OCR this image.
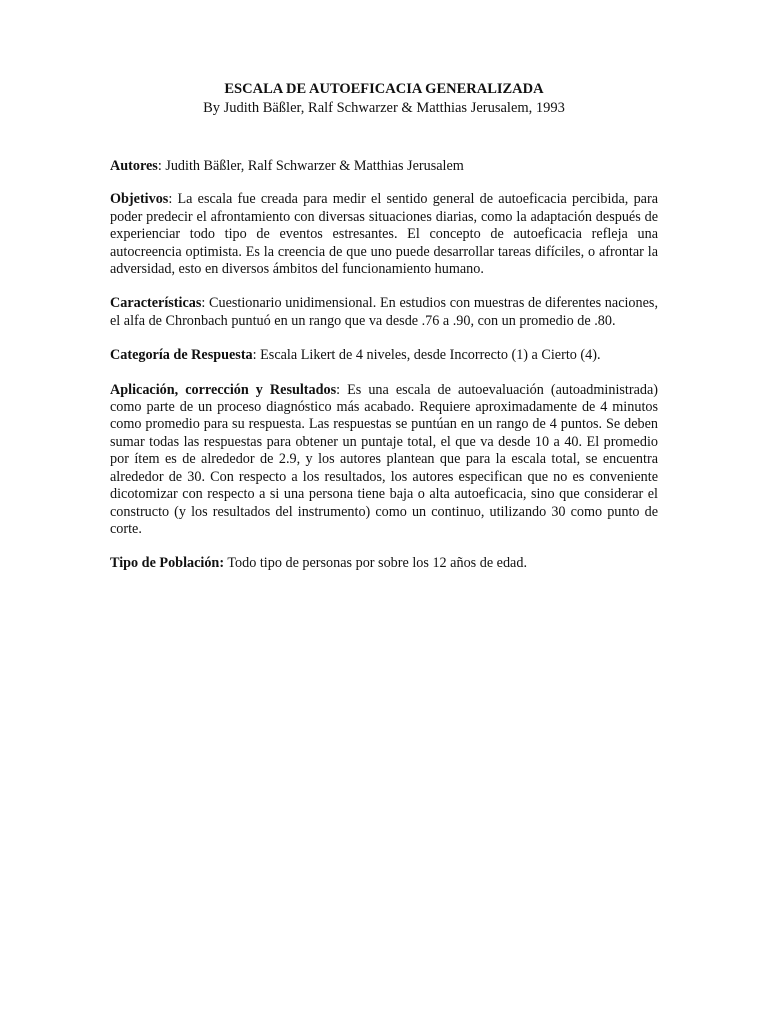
ESCALA DE AUTOEFICACIA GENERALIZADA

By Judith Bäßler, Ralf Schwarzer & Matthias Jerusalem, 1993

Autores: Judith Bäßler, Ralf Schwarzer & Matthias Jerusalem

Objetivos: La escala fue creada para medir el sentido general de autoeficacia percibida, para poder predecir el afrontamiento con diversas situaciones diarias, como la adaptación después de experienciar todo tipo de eventos estresantes. El concepto de autoeficacia refleja una autocreencia optimista. Es la creencia de que uno puede desarrollar tareas difíciles, o afrontar la adversidad, esto en diversos ámbitos del funcionamiento humano.

Características: Cuestionario unidimensional. En estudios con muestras de diferentes naciones, el alfa de Chronbach puntuó en un rango que va desde .76 a .90, con un promedio de .80.

Categoría de Respuesta: Escala Likert de 4 niveles, desde Incorrecto (1) a Cierto (4).

Aplicación, corrección y Resultados: Es una escala de autoevaluación (autoadministrada) como parte de un proceso diagnóstico más acabado. Requiere aproximadamente de 4 minutos como promedio para su respuesta. Las respuestas se puntúan en un rango de 4 puntos. Se deben sumar todas las respuestas para obtener un puntaje total, el que va desde 10 a 40. El promedio por ítem es de alrededor de 2.9, y los autores plantean que para la escala total, se encuentra alrededor de 30. Con respecto a los resultados, los autores especifican que no es conveniente dicotomizar con respecto a si una persona tiene baja o alta autoeficacia, sino que considerar el constructo (y los resultados del instrumento) como un continuo, utilizando 30 como punto de corte.

Tipo de Población: Todo tipo de personas por sobre los 12 años de edad.
